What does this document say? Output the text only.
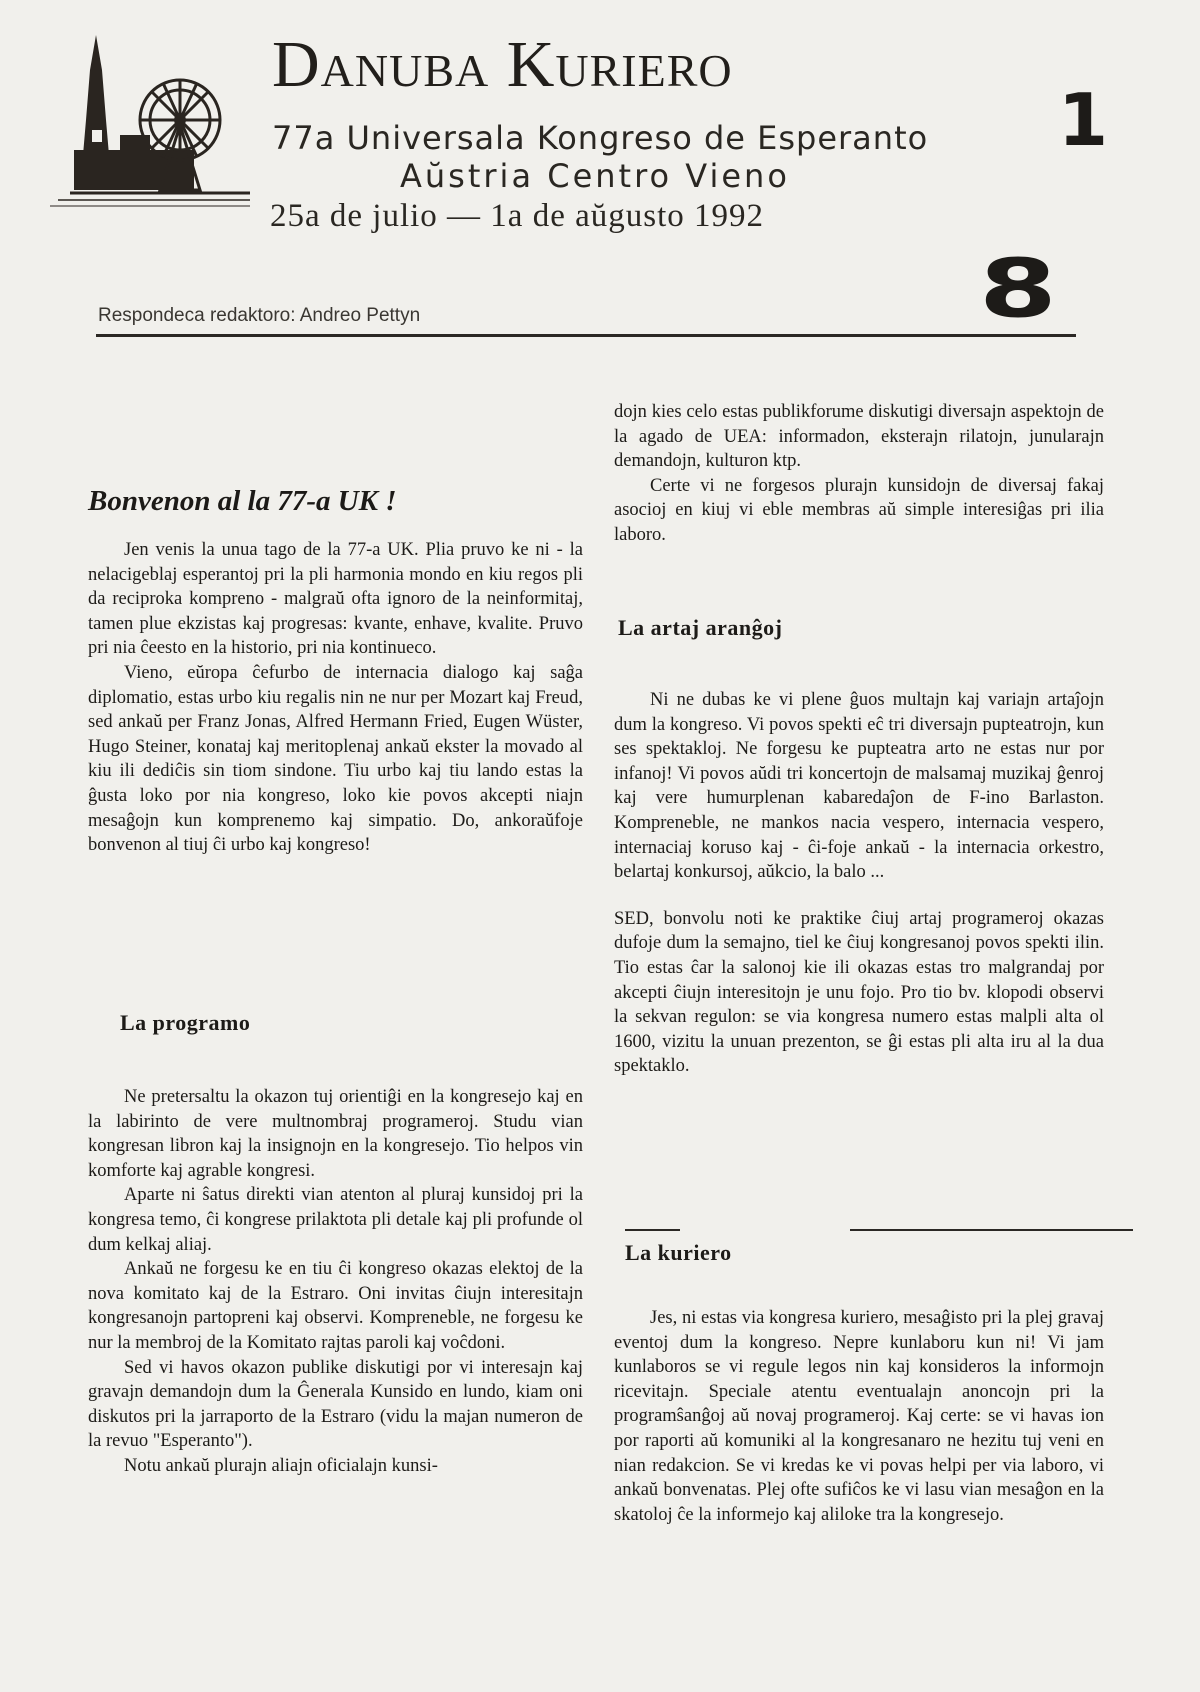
Danuba Kuriero
77a Universala Kongreso de Esperanto
Aŭstria Centro Vieno
25a de julio — 1a de aŭgusto 1992
1
8
Respondeca redaktoro: Andreo Pettyn
Bonvenon al la 77-a UK !

Jen venis la unua tago de la 77-a UK. Plia pruvo ke ni - la nelacigeblaj esperantoj pri la pli harmonia mondo en kiu regos pli da reciproka kompreno - malgraŭ ofta ignoro de la neinformitaj, tamen plue ekzistas kaj progresas: kvante, enhave, kvalite. Pruvo pri nia ĉeesto en la historio, pri nia kontinueco.

Vieno, eŭropa ĉefurbo de internacia dialogo kaj saĝa diplomatio, estas urbo kiu regalis nin ne nur per Mozart kaj Freud, sed ankaŭ per Franz Jonas, Alfred Hermann Fried, Eugen Wüster, Hugo Steiner, konataj kaj meritoplenaj ankaŭ ekster la movado al kiu ili dediĉis sin tiom sindone. Tiu urbo kaj tiu lando estas la ĝusta loko por nia kongreso, loko kie povos akcepti niajn mesaĝojn kun komprenemo kaj simpatio. Do, ankoraŭfoje bonvenon al tiuj ĉi urbo kaj kongreso!

La programo

Ne pretersaltu la okazon tuj orientiĝi en la kongresejo kaj en la labirinto de vere multnombraj programeroj. Studu vian kongresan libron kaj la insignojn en la kongresejo. Tio helpos vin komforte kaj agrable kongresi.

Aparte ni ŝatus direkti vian atenton al pluraj kunsidoj pri la kongresa temo, ĉi kongrese prilaktota pli detale kaj pli profunde ol dum kelkaj aliaj.

Ankaŭ ne forgesu ke en tiu ĉi kongreso okazas elektoj de la nova komitato kaj de la Estraro. Oni invitas ĉiujn interesitajn kongresanojn partopreni kaj observi. Kompreneble, ne forgesu ke nur la membroj de la Komitato rajtas paroli kaj voĉdoni.

Sed vi havos okazon publike diskutigi por vi interesajn kaj gravajn demandojn dum la Ĝenerala Kunsido en lundo, kiam oni diskutos pri la jarraporto de la Estraro (vidu la majan numeron de la revuo "Esperanto").

Notu ankaŭ plurajn aliajn oficialajn kunsi-

dojn kies celo estas publikforume diskutigi diversajn aspektojn de la agado de UEA: informadon, eksterajn rilatojn, junularajn demandojn, kulturon ktp.

Certe vi ne forgesos plurajn kunsidojn de diversaj fakaj asocioj en kiuj vi eble membras aŭ simple interesiĝas pri ilia laboro.

La artaj aranĝoj

Ni ne dubas ke vi plene ĝuos multajn kaj variajn artaĵojn dum la kongreso. Vi povos spekti eĉ tri diversajn pupteatrojn, kun ses spektakloj. Ne forgesu ke pupteatra arto ne estas nur por infanoj! Vi povos aŭdi tri koncertojn de malsamaj muzikaj ĝenroj kaj vere humurplenan kabaredaĵon de F-ino Barlaston. Kompreneble, ne mankos nacia vespero, internacia vespero, internaciaj koruso kaj - ĉi-foje ankaŭ - la internacia orkestro, belartaj konkursoj, aŭkcio, la balo ...

SED, bonvolu noti ke praktike ĉiuj artaj programeroj okazas dufoje dum la semajno, tiel ke ĉiuj kongresanoj povos spekti ilin. Tio estas ĉar la salonoj kie ili okazas estas tro malgrandaj por akcepti ĉiujn interesitojn je unu fojo. Pro tio bv. klopodi observi la sekvan regulon: se via kongresa numero estas malpli alta ol 1600, vizitu la unuan prezenton, se ĝi estas pli alta iru al la dua spektaklo.

La kuriero

Jes, ni estas via kongresa kuriero, mesaĝisto pri la plej gravaj eventoj dum la kongreso. Nepre kunlaboru kun ni! Vi jam kunlaboros se vi regule legos nin kaj konsideros la informojn ricevitajn. Speciale atentu eventualajn anoncojn pri la programŝanĝoj aŭ novaj programeroj. Kaj certe: se vi havas ion por raporti aŭ komuniki al la kongresanaro ne hezitu tuj veni en nian redakcion. Se vi kredas ke vi povas helpi per via laboro, vi ankaŭ bonvenatas. Plej ofte sufiĉos ke vi lasu vian mesaĝon en la skatoloj ĉe la informejo kaj aliloke tra la kongresejo.
